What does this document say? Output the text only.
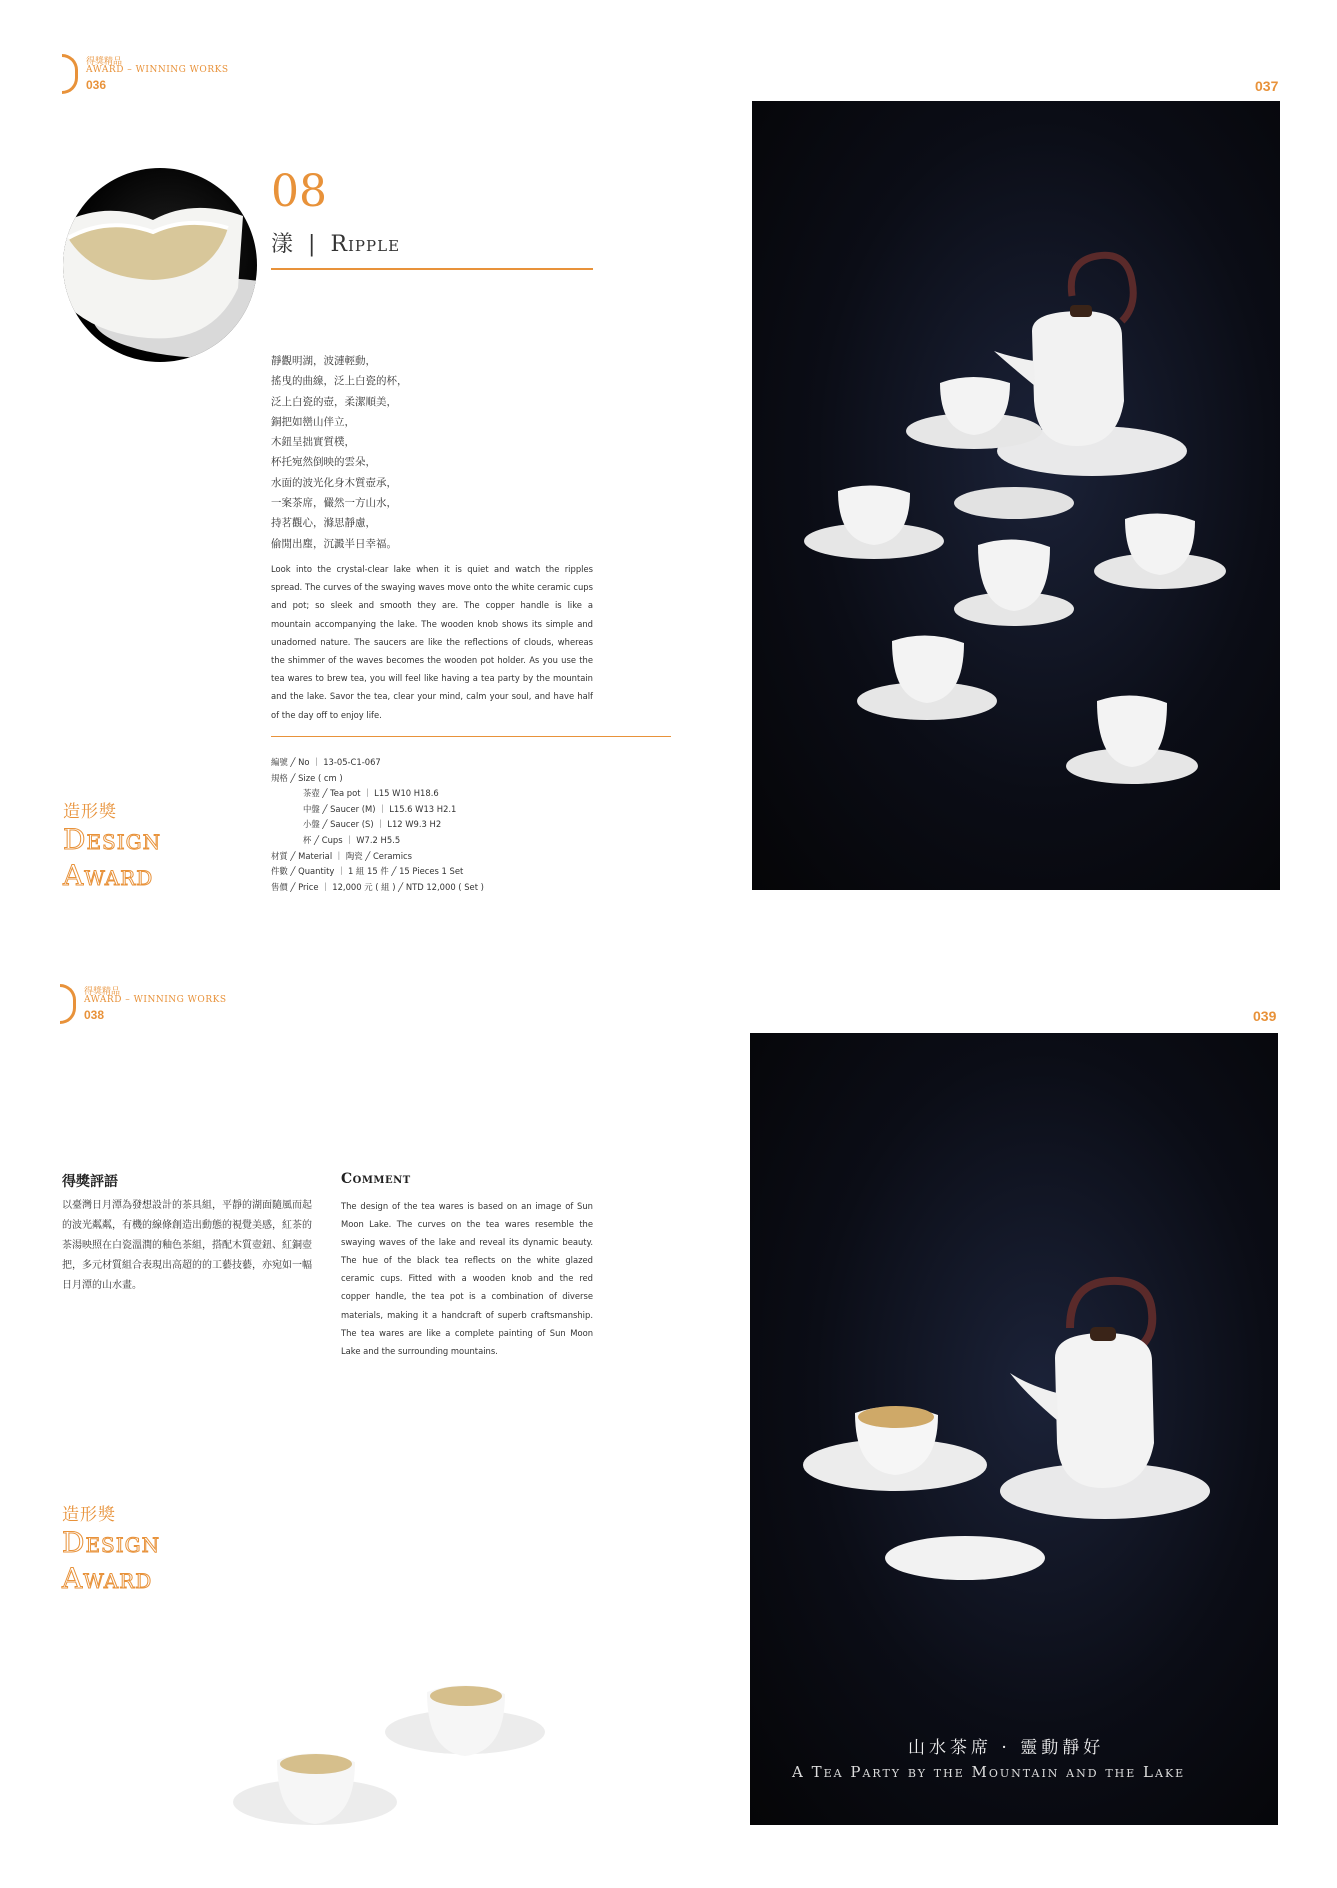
得獎精品
AWARD – WINNING WORKS
036	037
08
漾 | Ripple
靜觀明湖，波漣輕動，
搖曳的曲線，泛上白瓷的杯，
泛上白瓷的壺，柔潔順美，
銅把如巒山伴立，
木鈕呈拙實質樸，
杯托宛然倒映的雲朵，
水面的波光化身木質壺承，
一案茶席，儼然一方山水，
持茗觀心，滌思靜慮，
偷閒出塵，沉澱半日幸福。
Look into the crystal-clear lake when it is quiet and watch the ripples spread. The curves of the swaying waves move onto the white ceramic cups and pot; so sleek and smooth they are. The copper handle is like a mountain accompanying the lake. The wooden knob shows its simple and unadorned nature. The saucers are like the reflections of clouds, whereas the shimmer of the waves becomes the wooden pot holder. As you use the tea wares to brew tea, you will feel like having a tea party by the mountain and the lake. Savor the tea, clear your mind, calm your soul, and have half of the day off to enjoy life.
編號 ╱ No ｜ 13-05-C1-067
規格 ╱ Size ( cm )
茶壺 ╱ Tea pot ｜ L15 W10 H18.6
中盤 ╱ Saucer (M) ｜ L15.6 W13 H2.1
小盤 ╱ Saucer (S) ｜ L12 W9.3 H2
杯 ╱ Cups ｜ W7.2 H5.5
材質 ╱ Material ｜ 陶瓷 ╱ Ceramics
件數 ╱ Quantity ｜ 1 組 15 件 ╱ 15 Pieces 1 Set
售價 ╱ Price ｜ 12,000 元 ( 組 ) ╱ NTD 12,000 ( Set )
造形獎
Design
Award
得獎精品
AWARD – WINNING WORKS
038	039
得獎評語
以臺灣日月潭為發想設計的茶具組，平靜的湖面隨風而起的波光粼粼，有機的線條創造出動態的視覺美感，紅茶的茶湯映照在白瓷溫潤的釉色茶組，搭配木質壺鈕、紅銅壺把，多元材質組合表現出高超的的工藝技藝，亦宛如一幅日月潭的山水畫。
Comment
The design of the tea wares is based on an image of Sun Moon Lake. The curves on the tea wares resemble the swaying waves of the lake and reveal its dynamic beauty. The hue of the black tea reflects on the white glazed ceramic cups. Fitted with a wooden knob and the red copper handle, the tea pot is a combination of diverse materials, making it a handcraft of superb craftsmanship. The tea wares are like a complete painting of Sun Moon Lake and the surrounding mountains.
造形獎
Design
Award
山水茶席 · 靈動靜好
A Tea Party by the Mountain and the Lake
